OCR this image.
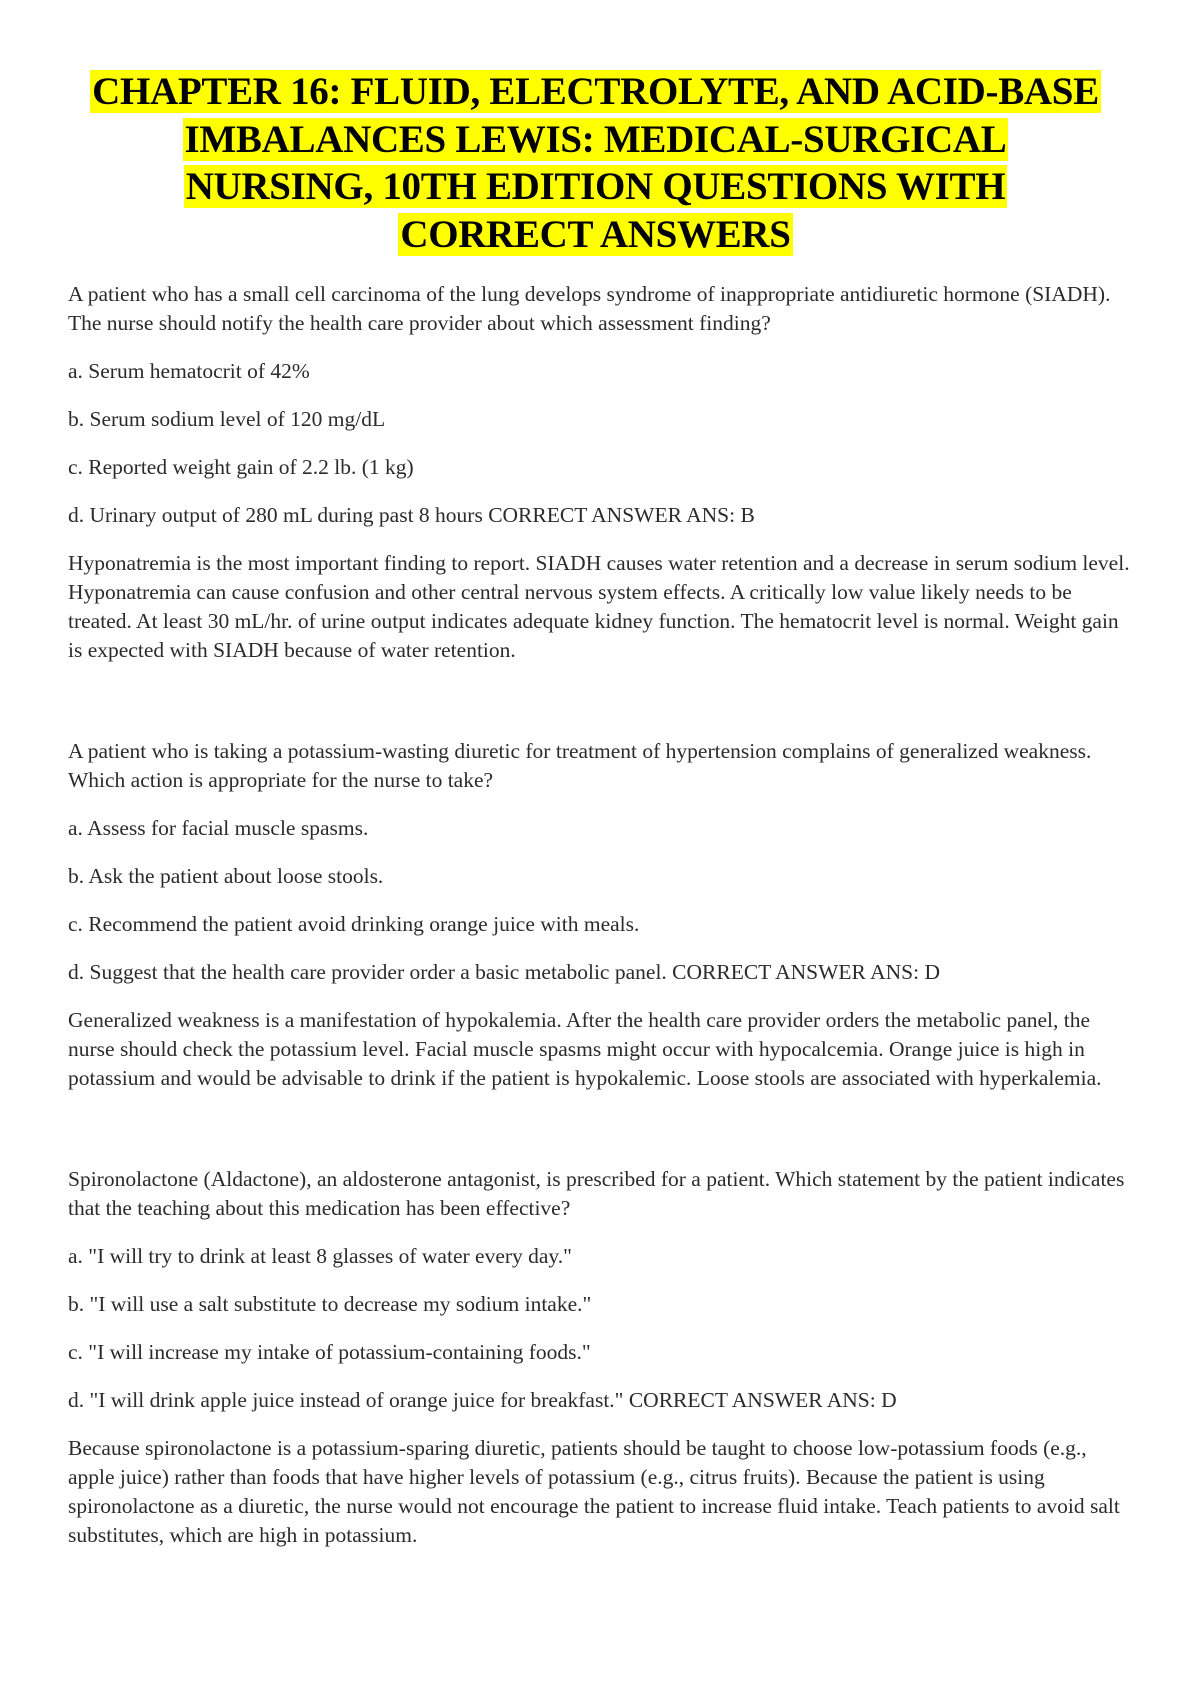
CHAPTER 16: FLUID, ELECTROLYTE, AND ACID-BASE IMBALANCES LEWIS: MEDICAL-SURGICAL NURSING, 10TH EDITION QUESTIONS WITH CORRECT ANSWERS

A patient who has a small cell carcinoma of the lung develops syndrome of inappropriate antidiuretic hormone (SIADH). The nurse should notify the health care provider about which assessment finding?

a. Serum hematocrit of 42%

b. Serum sodium level of 120 mg/dL

c. Reported weight gain of 2.2 lb. (1 kg)

d. Urinary output of 280 mL during past 8 hours CORRECT ANSWER ANS: B

Hyponatremia is the most important finding to report. SIADH causes water retention and a decrease in serum sodium level. Hyponatremia can cause confusion and other central nervous system effects. A critically low value likely needs to be treated. At least 30 mL/hr. of urine output indicates adequate kidney function. The hematocrit level is normal. Weight gain is expected with SIADH because of water retention.

A patient who is taking a potassium-wasting diuretic for treatment of hypertension complains of generalized weakness. Which action is appropriate for the nurse to take?

a. Assess for facial muscle spasms.

b. Ask the patient about loose stools.

c. Recommend the patient avoid drinking orange juice with meals.

d. Suggest that the health care provider order a basic metabolic panel. CORRECT ANSWER ANS: D

Generalized weakness is a manifestation of hypokalemia. After the health care provider orders the metabolic panel, the nurse should check the potassium level. Facial muscle spasms might occur with hypocalcemia. Orange juice is high in potassium and would be advisable to drink if the patient is hypokalemic. Loose stools are associated with hyperkalemia.

Spironolactone (Aldactone), an aldosterone antagonist, is prescribed for a patient. Which statement by the patient indicates that the teaching about this medication has been effective?

a. "I will try to drink at least 8 glasses of water every day."

b. "I will use a salt substitute to decrease my sodium intake."

c. "I will increase my intake of potassium-containing foods."

d. "I will drink apple juice instead of orange juice for breakfast." CORRECT ANSWER ANS: D

Because spironolactone is a potassium-sparing diuretic, patients should be taught to choose low-potassium foods (e.g., apple juice) rather than foods that have higher levels of potassium (e.g., citrus fruits). Because the patient is using spironolactone as a diuretic, the nurse would not encourage the patient to increase fluid intake. Teach patients to avoid salt substitutes, which are high in potassium.
